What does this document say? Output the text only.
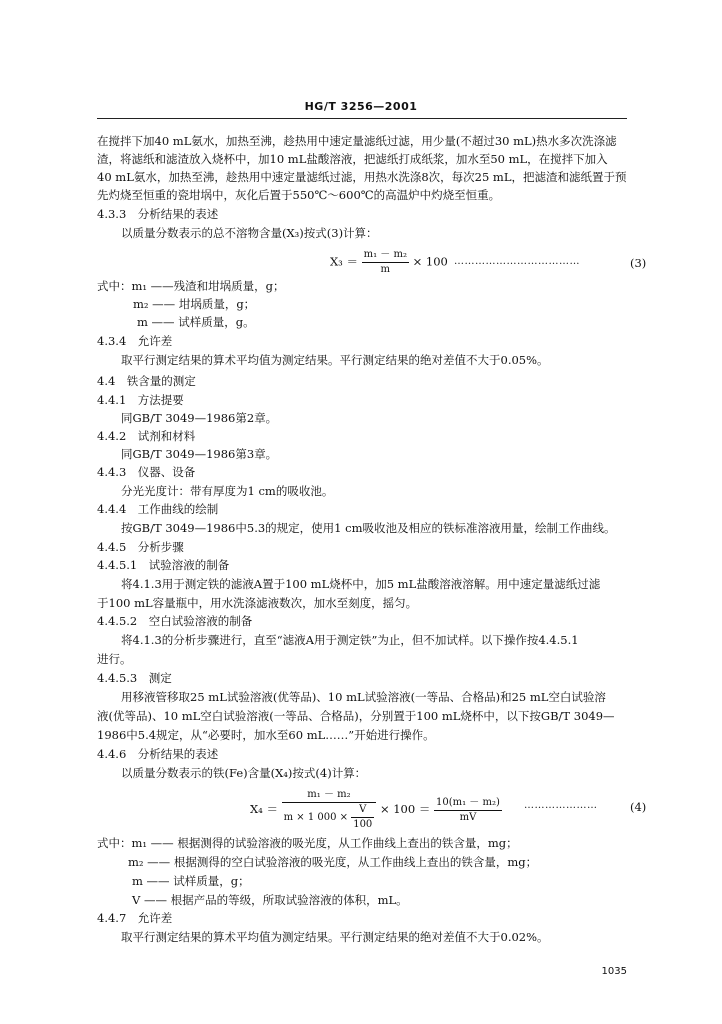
HG/T 3256—2001
在搅拌下加40 mL氨水，加热至沸，趁热用中速定量滤纸过滤，用少量(不超过30 mL)热水多次洗涤滤
渣，将滤纸和滤渣放入烧杯中，加10 mL盐酸溶液，把滤纸打成纸浆，加水至50 mL，在搅拌下加入
40 mL氨水，加热至沸，趁热用中速定量滤纸过滤，用热水洗涤8次，每次25 mL，把滤渣和滤纸置于预
先灼烧至恒重的瓷坩埚中，灰化后置于550℃～600℃的高温炉中灼烧至恒重。
4.3.3　分析结果的表述
以质量分数表示的总不溶物含量(X₃)按式(3)计算：
$X_3 = \frac{\text{m₁ － m₂}}{m} \times 100$ ………………………………	(3)
式中：m₁ ——残渣和坩埚质量，g；
m₂ —— 坩埚质量，g；
m —— 试样质量，g。
4.3.4　允许差
取平行测定结果的算术平均值为测定结果。平行测定结果的绝对差值不大于0.05%。
4.4　铁含量的测定
4.4.1　方法提要
同GB/T 3049—1986第2章。
4.4.2　试剂和材料
同GB/T 3049—1986第3章。
4.4.3　仪器、设备
分光光度计：带有厚度为1 cm的吸收池。
4.4.4　工作曲线的绘制
按GB/T 3049—1986中5.3的规定，使用1 cm吸收池及相应的铁标准溶液用量，绘制工作曲线。
4.4.5　分析步骤
4.4.5.1　试验溶液的制备
将4.1.3用于测定铁的滤液A置于100 mL烧杯中，加5 mL盐酸溶液溶解。用中速定量滤纸过滤
于100 mL容量瓶中，用水洗涤滤液数次，加水至刻度，摇匀。
4.4.5.2　空白试验溶液的制备
将4.1.3的分析步骤进行，直至“滤液A用于测定铁”为止，但不加试样。以下操作按4.4.5.1
进行。
4.4.5.3　测定
用移液管移取25 mL试验溶液(优等品)、10 mL试验溶液(一等品、合格品)和25 mL空白试验溶
液(优等品)、10 mL空白试验溶液(一等品、合格品)，分别置于100 mL烧杯中，以下按GB/T 3049—
1986中5.4规定，从“必要时，加水至60 mL……”开始进行操作。
4.4.6　分析结果的表述
以质量分数表示的铁(Fe)含量(X₄)按式(4)计算：
$X_4 = \frac{\text{m₁ － m₂}}{m \times 1 000 \times \frac{V}{100}} \times 100 = \frac{\text{10(m₁ － m₂)}}{mV}$ …………………	(4)
式中：m₁ —— 根据测得的试验溶液的吸光度，从工作曲线上查出的铁含量，mg；
m₂ —— 根据测得的空白试验溶液的吸光度，从工作曲线上查出的铁含量，mg；
m —— 试样质量，g；
V —— 根据产品的等级，所取试验溶液的体积，mL。
4.4.7　允许差
取平行测定结果的算术平均值为测定结果。平行测定结果的绝对差值不大于0.02%。
1035
